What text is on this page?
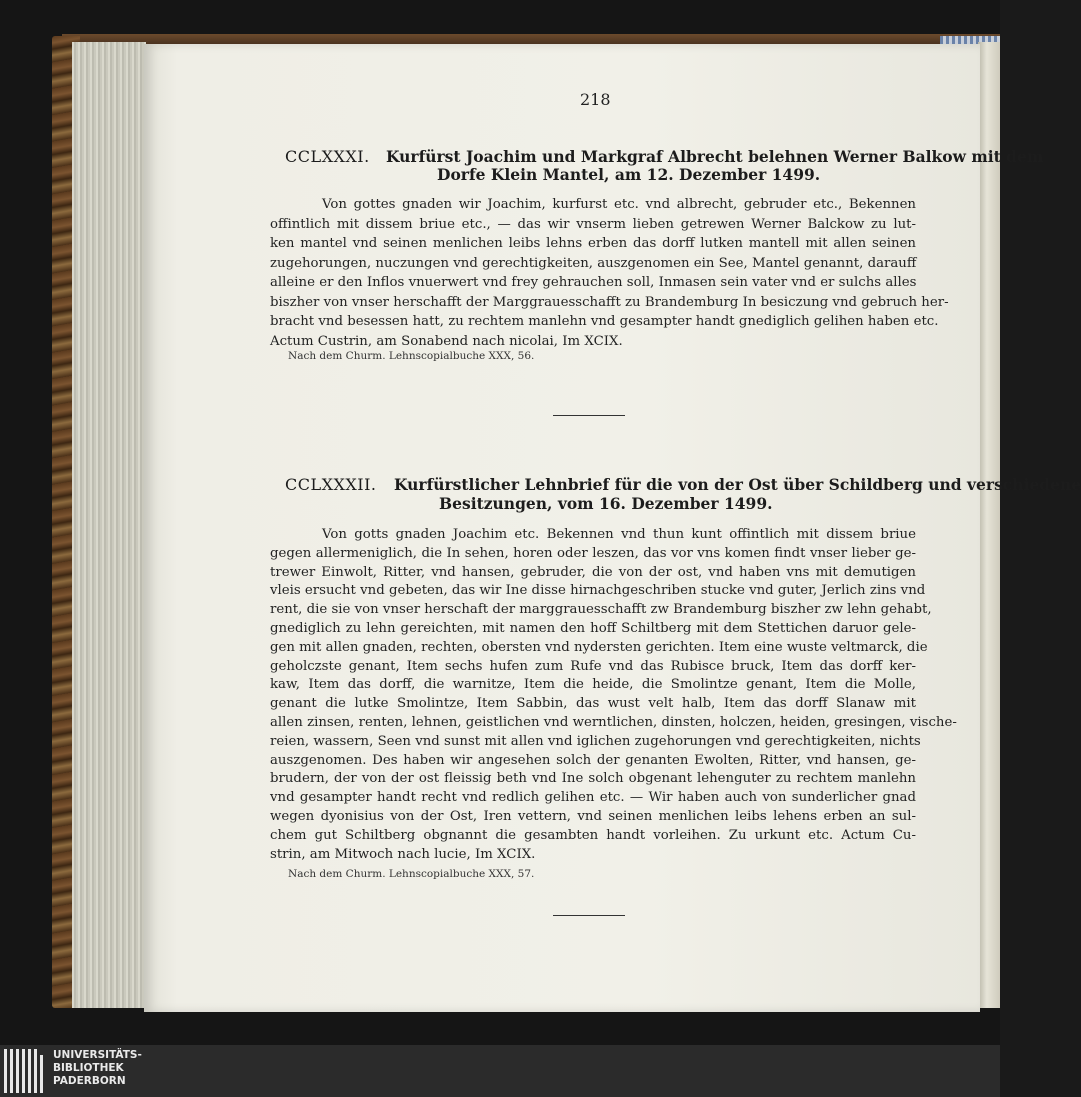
218
CCLXXXI. Kurfürst Joachim und Markgraf Albrecht belehnen Werner Balkow mit dem
Dorfe Klein Mantel, am 12. Dezember 1499.
Von gottes gnaden wir Joachim, kurfurst etc. vnd albrecht, gebruder etc., Bekennen
offintlich mit dissem briue etc., — das wir vnserm lieben getrewen Werner Balckow zu lut-
ken mantel vnd seinen menlichen leibs lehns erben das dorff lutken mantell mit allen seinen
zugehorungen, nuczungen vnd gerechtigkeiten, auszgenomen ein See, Mantel genannt, darauff
alleine er den Inflos vnuerwert vnd frey gehrauchen soll, Inmasen sein vater vnd er sulchs alles
biszher von vnser herschafft der Marggrauesschafft zu Brandemburg In besiczung vnd gebruch her-
bracht vnd besessen hatt, zu rechtem manlehn vnd gesampter handt gnediglich gelihen haben etc.
Actum Custrin, am Sonabend nach nicolai, Im XCIX.
Nach dem Churm. Lehnscopialbuche XXX, 56.
CCLXXXII. Kurfürstlicher Lehnbrief für die von der Ost über Schildberg und verschiedene
Besitzungen, vom 16. Dezember 1499.
Von gotts gnaden Joachim etc. Bekennen vnd thun kunt offintlich mit dissem briue
gegen allermeniglich, die In sehen, horen oder leszen, das vor vns komen findt vnser lieber ge-
trewer Einwolt, Ritter, vnd hansen, gebruder, die von der ost, vnd haben vns mit demutigen
vleis ersucht vnd gebeten, das wir Ine disse hirnachgeschriben stucke vnd guter, Jerlich zins vnd
rent, die sie von vnser herschaft der marggrauesschafft zw Brandemburg biszher zw lehn gehabt,
gnediglich zu lehn gereichten, mit namen den hoff Schiltberg mit dem Stettichen daruor gele-
gen mit allen gnaden, rechten, obersten vnd nydersten gerichten. Item eine wuste veltmarck, die
geholczste genant, Item sechs hufen zum Rufe vnd das Rubisce bruck, Item das dorff ker-
kaw, Item das dorff, die warnitze, Item die heide, die Smolintze genant, Item die Molle,
genant die lutke Smolintze, Item Sabbin, das wust velt halb, Item das dorff Slanaw mit
allen zinsen, renten, lehnen, geistlichen vnd werntlichen, dinsten, holczen, heiden, gresingen, vische-
reien, wassern, Seen vnd sunst mit allen vnd iglichen zugehorungen vnd gerechtigkeiten, nichts
auszgenomen. Des haben wir angesehen solch der genanten Ewolten, Ritter, vnd hansen, ge-
brudern, der von der ost fleissig beth vnd Ine solch obgenant lehenguter zu rechtem manlehn
vnd gesampter handt recht vnd redlich gelihen etc. — Wir haben auch von sunderlicher gnad
wegen dyonisius von der Ost, Iren vettern, vnd seinen menlichen leibs lehens erben an sul-
chem gut Schiltberg obgnannt die gesambten handt vorleihen. Zu urkunt etc. Actum Cu-
strin, am Mitwoch nach lucie, Im XCIX.
Nach dem Churm. Lehnscopialbuche XXX, 57.
UNIVERSITÄTS-
BIBLIOTHEK
PADERBORN
